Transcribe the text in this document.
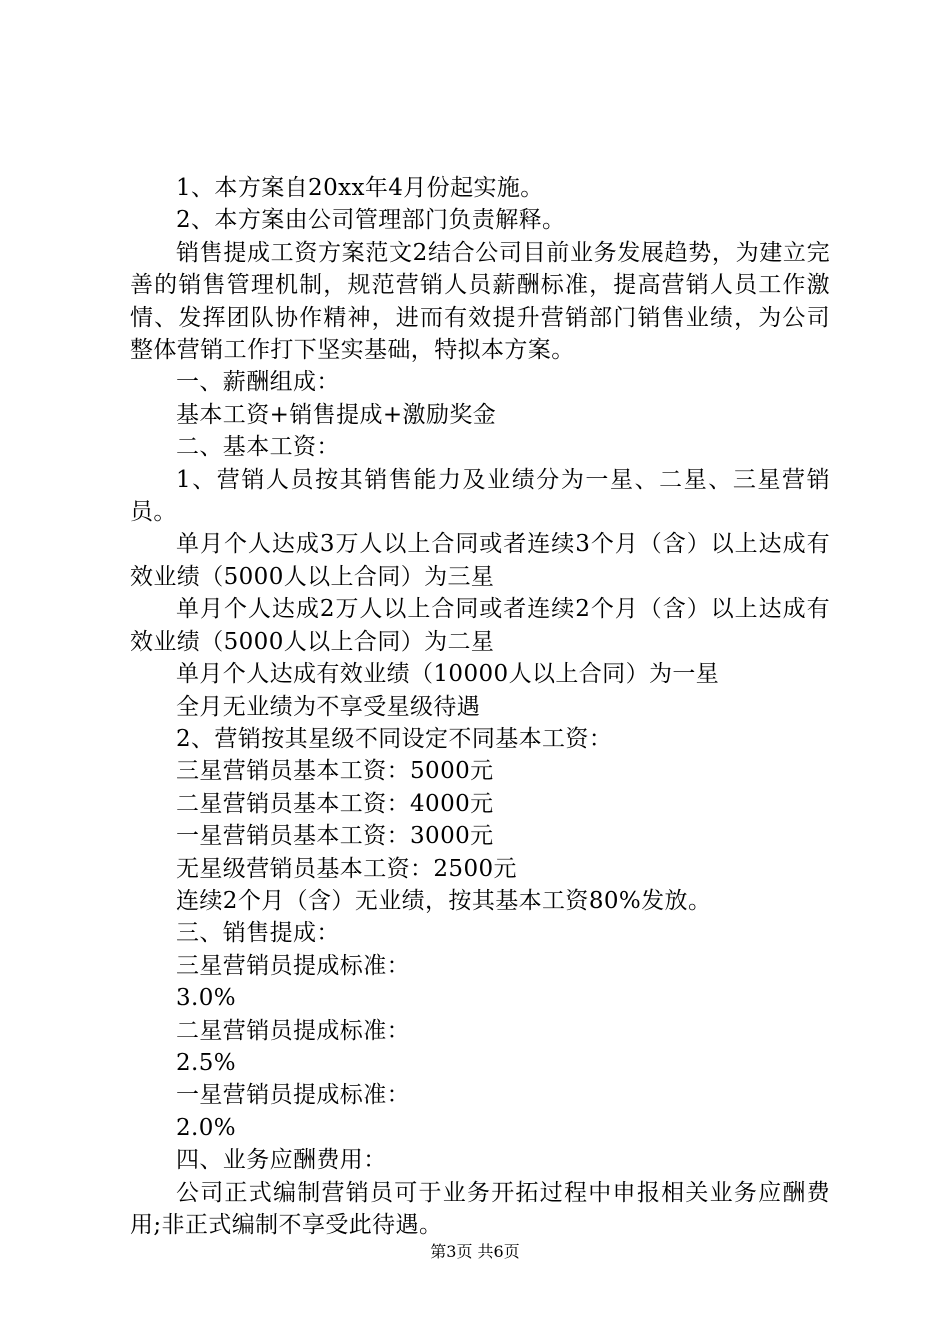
1、本方案自20xx年4月份起实施。

2、本方案由公司管理部门负责解释。

销售提成工资方案范文2结合公司目前业务发展趋势，为建立完善的销售管理机制，规范营销人员薪酬标准，提高营销人员工作激情、发挥团队协作精神，进而有效提升营销部门销售业绩，为公司整体营销工作打下坚实基础，特拟本方案。

一、薪酬组成：

基本工资+销售提成+激励奖金

二、基本工资：

1、营销人员按其销售能力及业绩分为一星、二星、三星营销员。

单月个人达成3万人以上合同或者连续3个月（含）以上达成有效业绩（5000人以上合同）为三星

单月个人达成2万人以上合同或者连续2个月（含）以上达成有效业绩（5000人以上合同）为二星

单月个人达成有效业绩（10000人以上合同）为一星

全月无业绩为不享受星级待遇

2、营销按其星级不同设定不同基本工资：

三星营销员基本工资：5000元

二星营销员基本工资：4000元

一星营销员基本工资：3000元

无星级营销员基本工资：2500元

连续2个月（含）无业绩，按其基本工资80%发放。

三、销售提成：

三星营销员提成标准：

3.0%

二星营销员提成标准：

2.5%

一星营销员提成标准：

2.0%

四、业务应酬费用：

公司正式编制营销员可于业务开拓过程中申报相关业务应酬费用;非正式编制不享受此待遇。

第3页 共6页
